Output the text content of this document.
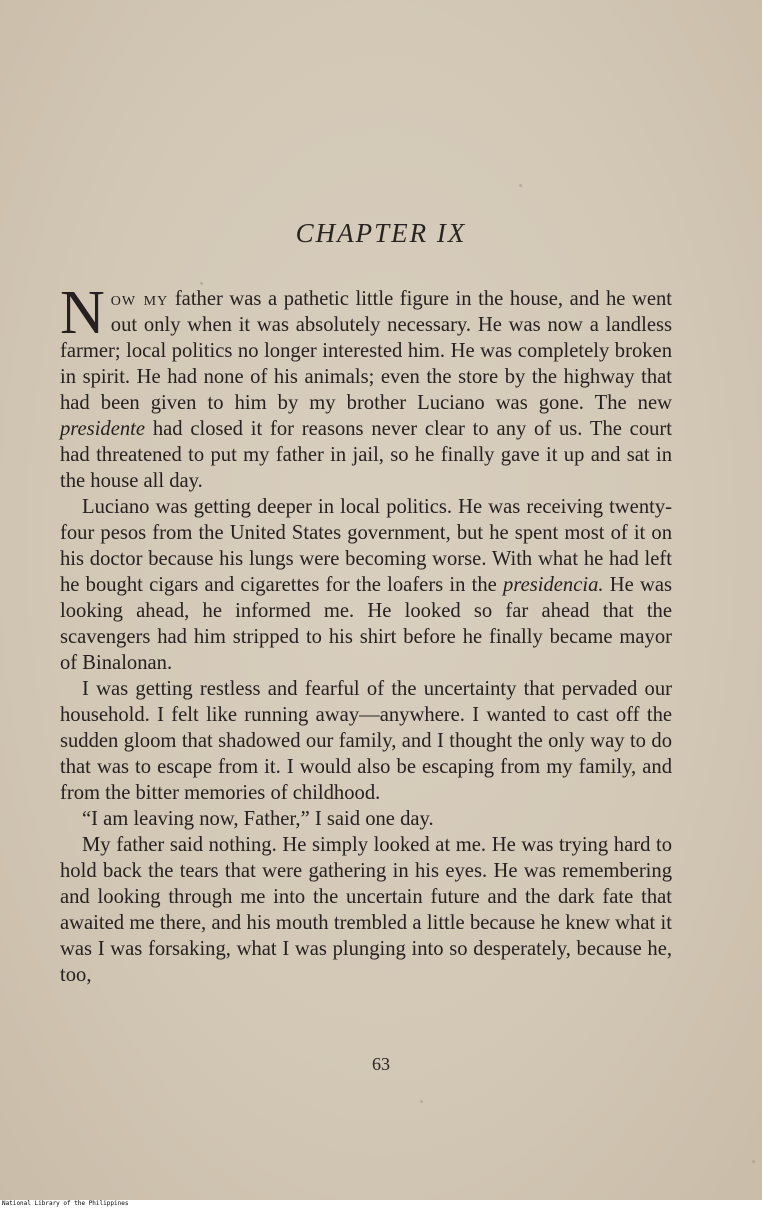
CHAPTER IX

Now my father was a pathetic little figure in the house, and he went out only when it was absolutely necessary. He was now a landless farmer; local politics no longer interested him. He was completely broken in spirit. He had none of his animals; even the store by the highway that had been given to him by my brother Luciano was gone. The new presidente had closed it for reasons never clear to any of us. The court had threatened to put my father in jail, so he finally gave it up and sat in the house all day.

Luciano was getting deeper in local politics. He was receiving twenty-four pesos from the United States government, but he spent most of it on his doctor because his lungs were becoming worse. With what he had left he bought cigars and cigarettes for the loafers in the presidencia. He was looking ahead, he informed me. He looked so far ahead that the scavengers had him stripped to his shirt before he finally became mayor of Binalonan.

I was getting restless and fearful of the uncertainty that pervaded our household. I felt like running away—anywhere. I wanted to cast off the sudden gloom that shadowed our family, and I thought the only way to do that was to escape from it. I would also be escaping from my family, and from the bitter memories of childhood.

“I am leaving now, Father,” I said one day.

My father said nothing. He simply looked at me. He was trying hard to hold back the tears that were gathering in his eyes. He was remembering and looking through me into the uncertain future and the dark fate that awaited me there, and his mouth trembled a little because he knew what it was I was forsaking, what I was plunging into so desperately, because he, too,

63
National Library of the Philippines
